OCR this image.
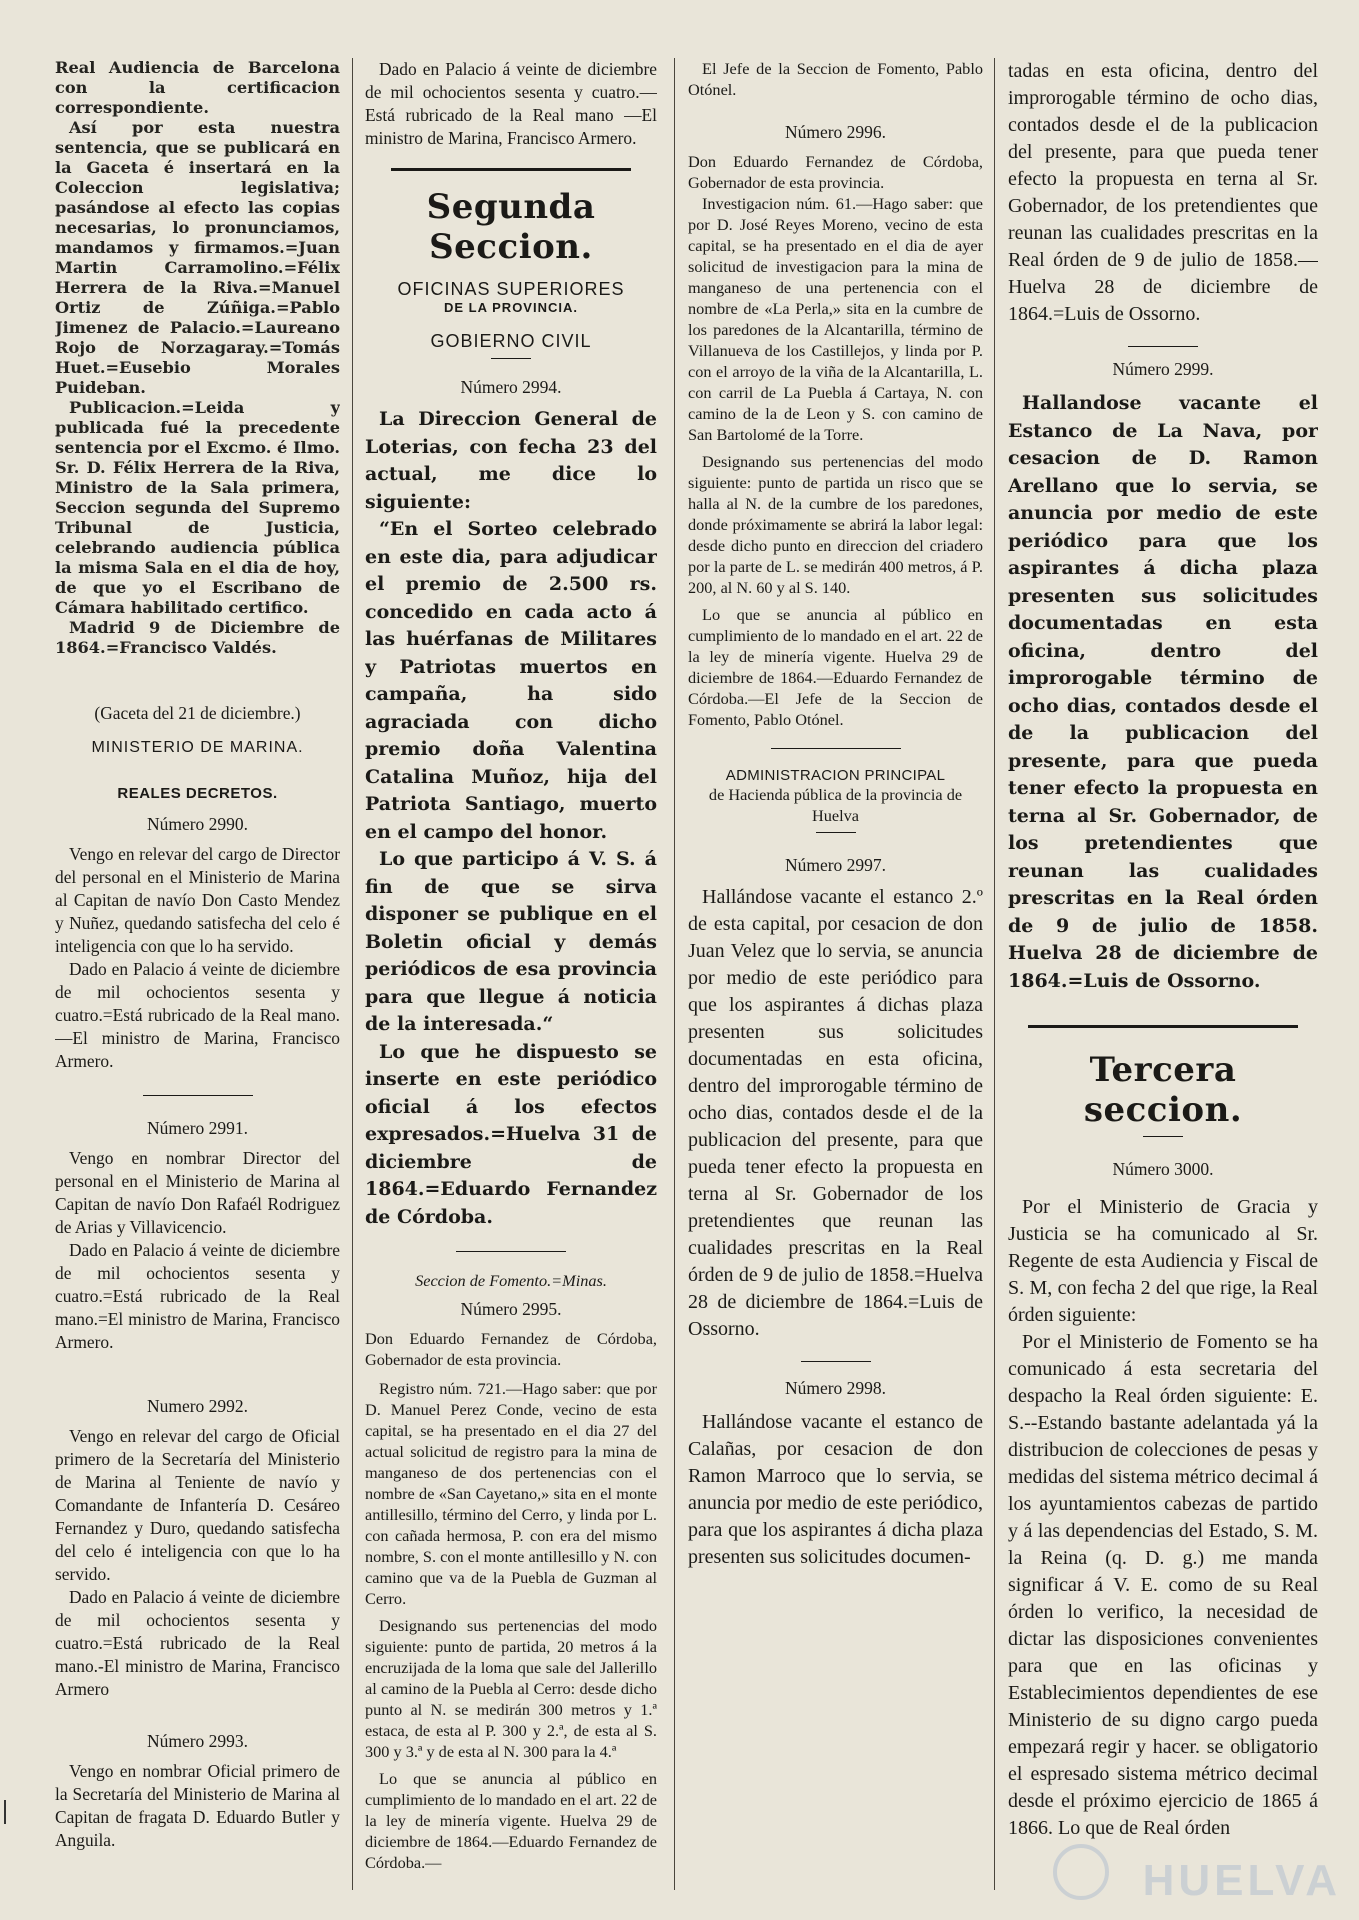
Real Audiencia de Barcelona con la certificacion correspondiente.

Así por esta nuestra sentencia, que se publicará en la Gaceta é insertará en la Coleccion legislativa; pasándose al efecto las copias necesarias, lo pronunciamos, mandamos y firmamos.=Juan Martin Carramolino.=Félix Herrera de la Riva.=Manuel Ortiz de Zúñiga.=Pablo Jimenez de Palacio.=Laureano Rojo de Norzagaray.=Tomás Huet.=Eusebio Morales Puideban.

Publicacion.=Leida y publicada fué la precedente sentencia por el Excmo. é Ilmo. Sr. D. Félix Herrera de la Riva, Ministro de la Sala primera, Seccion segunda del Supremo Tribunal de Justicia, celebrando audiencia pública la misma Sala en el dia de hoy, de que yo el Escribano de Cámara habilitado certifico.

Madrid 9 de Diciembre de 1864.=Francisco Valdés.

(Gaceta del 21 de diciembre.)

MINISTERIO DE MARINA.

REALES DECRETOS.

Número 2990.

Vengo en relevar del cargo de Director del personal en el Ministerio de Marina al Capitan de navío Don Casto Mendez y Nuñez, quedando satisfecha del celo é inteligencia con que lo ha servido.

Dado en Palacio á veinte de diciembre de mil ochocientos sesenta y cuatro.=Está rubricado de la Real mano.—El ministro de Marina, Francisco Armero.

Número 2991.

Vengo en nombrar Director del personal en el Ministerio de Marina al Capitan de navío Don Rafaél Rodriguez de Arias y Villavicencio.

Dado en Palacio á veinte de diciembre de mil ochocientos sesenta y cuatro.=Está rubricado de la Real mano.=El ministro de Marina, Francisco Armero.

Numero 2992.

Vengo en relevar del cargo de Oficial primero de la Secretaría del Ministerio de Marina al Teniente de navío y Comandante de Infantería D. Cesáreo Fernandez y Duro, quedando satisfecha del celo é inteligencia con que lo ha servido.

Dado en Palacio á veinte de diciembre de mil ochocientos sesenta y cuatro.=Está rubricado de la Real mano.-El ministro de Marina, Francisco Armero

Número 2993.

Vengo en nombrar Oficial primero de la Secretaría del Ministerio de Marina al Capitan de fragata D. Eduardo Butler y Anguila.

Dado en Palacio á veinte de diciembre de mil ochocientos sesenta y cuatro.—Está rubricado de la Real mano —El ministro de Marina, Francisco Armero.

Segunda Seccion.

OFICINAS SUPERIORES

DE LA PROVINCIA.

GOBIERNO CIVIL

Número 2994.

La Direccion General de Loterias, con fecha 23 del actual, me dice lo siguiente:

“En el Sorteo celebrado en este dia, para adjudicar el premio de 2.500 rs. concedido en cada acto á las huérfanas de Militares y Patriotas muertos en campaña, ha sido agraciada con dicho premio doña Valentina Catalina Muñoz, hija del Patriota Santiago, muerto en el campo del honor.

Lo que participo á V. S. á fin de que se sirva disponer se publique en el Boletin oficial y demás periódicos de esa provincia para que llegue á noticia de la interesada.“

Lo que he dispuesto se inserte en este periódico oficial á los efectos expresados.=Huelva 31 de diciembre de 1864.=Eduardo Fernandez de Córdoba.

Seccion de Fomento.=Minas.

Número 2995.

Don Eduardo Fernandez de Córdoba, Gobernador de esta provincia.

Registro núm. 721.—Hago saber: que por D. Manuel Perez Conde, vecino de esta capital, se ha presentado en el dia 27 del actual solicitud de registro para la mina de manganeso de dos pertenencias con el nombre de «San Cayetano,» sita en el monte antillesillo, término del Cerro, y linda por L. con cañada hermosa, P. con era del mismo nombre, S. con el monte antillesillo y N. con camino que va de la Puebla de Guzman al Cerro.

Designando sus pertenencias del modo siguiente: punto de partida, 20 metros á la encruzijada de la loma que sale del Jallerillo al camino de la Puebla al Cerro: desde dicho punto al N. se medirán 300 metros y 1.ª estaca, de esta al P. 300 y 2.ª, de esta al S. 300 y 3.ª y de esta al N. 300 para la 4.ª

Lo que se anuncia al público en cumplimiento de lo mandado en el art. 22 de la ley de minería vigente. Huelva 29 de diciembre de 1864.—Eduardo Fernandez de Córdoba.—

El Jefe de la Seccion de Fomento, Pablo Otónel.

Número 2996.

Don Eduardo Fernandez de Córdoba, Gobernador de esta provincia.

Investigacion núm. 61.—Hago saber: que por D. José Reyes Moreno, vecino de esta capital, se ha presentado en el dia de ayer solicitud de investigacion para la mina de manganeso de una pertenencia con el nombre de «La Perla,» sita en la cumbre de los paredones de la Alcantarilla, término de Villanueva de los Castillejos, y linda por P. con el arroyo de la viña de la Alcantarilla, L. con carril de La Puebla á Cartaya, N. con camino de la de Leon y S. con camino de San Bartolomé de la Torre.

Designando sus pertenencias del modo siguiente: punto de partida un risco que se halla al N. de la cumbre de los paredones, donde próximamente se abrirá la labor legal: desde dicho punto en direccion del criadero por la parte de L. se medirán 400 metros, á P. 200, al N. 60 y al S. 140.

Lo que se anuncia al público en cumplimiento de lo mandado en el art. 22 de la ley de minería vigente. Huelva 29 de diciembre de 1864.—Eduardo Fernandez de Córdoba.—El Jefe de la Seccion de Fomento, Pablo Otónel.

ADMINISTRACION PRINCIPAL

de Hacienda pública de la provincia de Huelva

Número 2997.

Hallándose vacante el estanco 2.º de esta capital, por cesacion de don Juan Velez que lo servia, se anuncia por medio de este periódico para que los aspirantes á dichas plaza presenten sus solicitudes documentadas en esta oficina, dentro del improrogable término de ocho dias, contados desde el de la publicacion del presente, para que pueda tener efecto la propuesta en terna al Sr. Gobernador de los pretendientes que reunan las cualidades prescritas en la Real órden de 9 de julio de 1858.=Huelva 28 de diciembre de 1864.=Luis de Ossorno.

Número 2998.

Hallándose vacante el estanco de Calañas, por cesacion de don Ramon Marroco que lo servia, se anuncia por medio de este periódico, para que los aspirantes á dicha plaza presenten sus solicitudes documen-

tadas en esta oficina, dentro del improrogable término de ocho dias, contados desde el de la publicacion del presente, para que pueda tener efecto la propuesta en terna al Sr. Gobernador, de los pretendientes que reunan las cualidades prescritas en la Real órden de 9 de julio de 1858.—Huelva 28 de diciembre de 1864.=Luis de Ossorno.

Número 2999.

Hallandose vacante el Estanco de La Nava, por cesacion de D. Ramon Arellano que lo servia, se anuncia por medio de este periódico para que los aspirantes á dicha plaza presenten sus solicitudes documentadas en esta oficina, dentro del improrogable término de ocho dias, contados desde el de la publicacion del presente, para que pueda tener efecto la propuesta en terna al Sr. Gobernador, de los pretendientes que reunan las cualidades prescritas en la Real órden de 9 de julio de 1858. Huelva 28 de diciembre de 1864.=Luis de Ossorno.

Tercera seccion.

Número 3000.

Por el Ministerio de Gracia y Justicia se ha comunicado al Sr. Regente de esta Audiencia y Fiscal de S. M, con fecha 2 del que rige, la Real órden siguiente:

Por el Ministerio de Fomento se ha comunicado á esta secretaria del despacho la Real órden siguiente: E. S.--Estando bastante adelantada yá la distribucion de colecciones de pesas y medidas del sistema métrico decimal á los ayuntamientos cabezas de partido y á las dependencias del Estado, S. M. la Reina (q. D. g.) me manda significar á V. E. como de su Real órden lo verifico, la necesidad de dictar las disposiciones convenientes para que en las oficinas y Establecimientos dependientes de ese Ministerio de su digno cargo pueda empezará regir y hacer. se obligatorio el espresado sistema métrico decimal desde el próximo ejercicio de 1865 á 1866. Lo que de Real órden

HUELVA
